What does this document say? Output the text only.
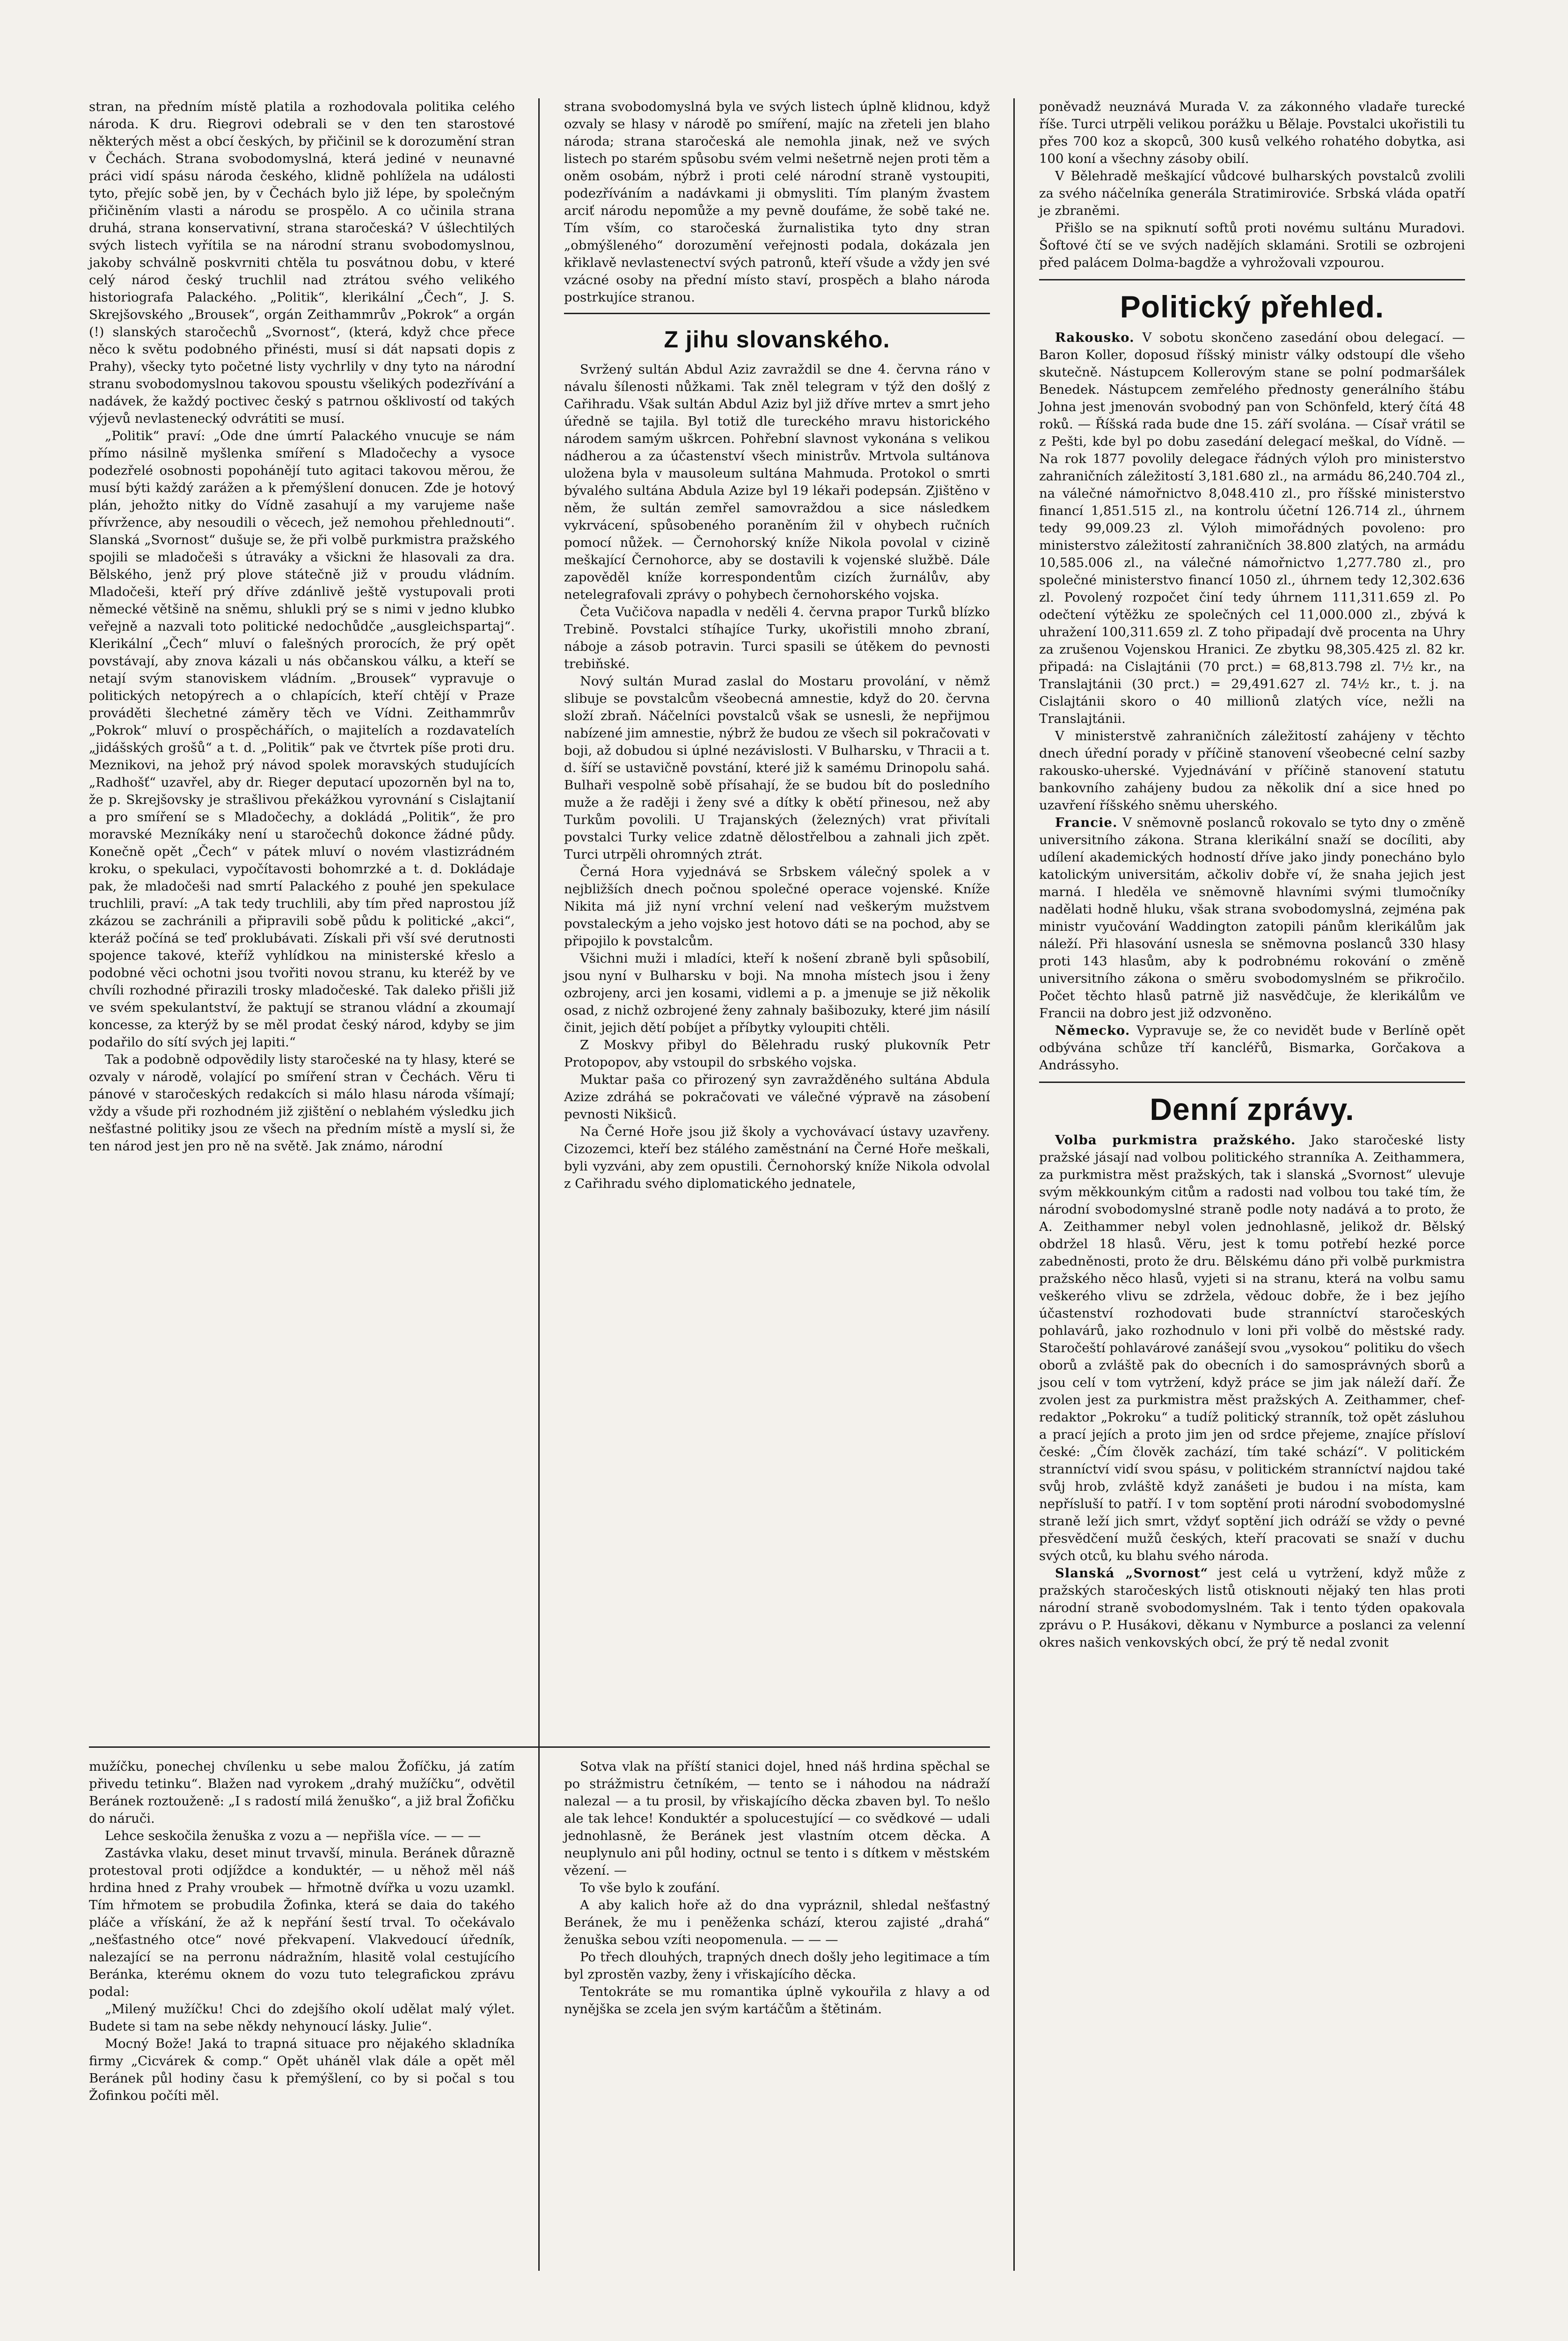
stran, na předním místě platila a rozhodovala politika celého národa. K dru. Riegrovi odebrali se v den ten starostové některých měst a obcí českých, by přičinil se k dorozumění stran v Čechách. Strana svobodomyslná, která jediné v neunavné práci vidí spásu národa českého, klidně pohlížela na události tyto, přejíc sobě jen, by v Čechách bylo již lépe, by společným přičiněním vlasti a národu se prospělo. A co učinila strana druhá, strana konservativní, strana staročeská? V úšlechtilých svých listech vyřítila se na národní stranu svobodomyslnou, jakoby schválně poskvrniti chtěla tu posvátnou dobu, v které celý národ český truchlil nad ztrátou svého velikého historiografa Palackého. „Politik“, klerikální „Čech“, J. S. Skrejšovského „Brousek“, orgán Zeithammrův „Pokrok“ a orgán (!) slanských staročechů „Svornost“, (která, když chce přece něco k světu podobného přinésti, musí si dát napsati dopis z Prahy), všecky tyto početné listy vychrlily v dny tyto na národní stranu svobodomyslnou takovou spoustu všelikých podezřívání a nadávek, že každý poctivec český s patrnou ošklivostí od takých výjevů nevlastenecký odvrátiti se musí.

„Politik“ praví: „Ode dne úmrtí Palackého vnucuje se nám přímo násilně myšlenka smíření s Mladočechy a vysoce podezřelé osobnosti popohánějí tuto agitaci takovou měrou, že musí býti každý zarážen a k přemýšlení donucen. Zde je hotový plán, jehožto nitky do Vídně zasahují a my varujeme naše přívržence, aby nesoudili o věcech, jež nemohou přehlednouti“. Slanská „Svornost“ dušuje se, že při volbě purkmistra pražského spojili se mladočeši s útraváky a všickni že hlasovali za dra. Bělského, jenž prý plove státečně již v proudu vládním. Mladočeši, kteří prý dříve zdánlivě ještě vystupovali proti německé většině na sněmu, shlukli prý se s nimi v jedno klubko veřejně a nazvali toto politické nedochůdče „ausgleichspartaj“. Klerikální „Čech“ mluví o falešných prorocích, že prý opět povstávají, aby znova kázali u nás občanskou válku, a kteří se netají svým stanoviskem vládním. „Brousek“ vypravuje o politických netopýrech a o chlapících, kteří chtějí v Praze prováděti šlechetné záměry těch ve Vídni. Zeithammrův „Pokrok“ mluví o prospěchářích, o majitelích a rozdavatelích „jidášských grošů“ a t. d. „Politik“ pak ve čtvrtek píše proti dru. Meznikovi, na jehož prý návod spolek moravských studujících „Radhošť“ uzavřel, aby dr. Rieger deputací upozorněn byl na to, že p. Skrejšovsky je strašlivou překážkou vyrovnání s Cislajtanií a pro smíření se s Mladočechy, a dokládá „Politik“, že pro moravské Mezníkáky není u staročechů dokonce žádné půdy. Konečně opět „Čech“ v pátek mluví o novém vlastizrádném kroku, o spekulaci, vypočítavosti bohomrzké a t. d. Dokládaje pak, že mladočeši nad smrtí Palackého z pouhé jen spekulace truchlili, praví: „A tak tedy truchlili, aby tím před naprostou jíž zkázou se zachránili a připravili sobě půdu k politické „akci“, kteráž počíná se teď proklubávati. Získali při vší své derutnosti spojence takové, kteříž vyhlídkou na ministerské křeslo a podobné věci ochotni jsou tvořiti novou stranu, ku kteréž by ve chvíli rozhodné přirazili trosky mladočeské. Tak daleko přišli již ve svém spekulantství, že paktují se stranou vládní a zkoumají koncesse, za kterýž by se měl prodat český národ, kdyby se jim podařilo do sítí svých jej lapiti.“

Tak a podobně odpovědily listy staročeské na ty hlasy, které se ozvaly v národě, volající po smíření stran v Čechách. Věru ti pánové v staročeských redakcích si málo hlasu národa všímají; vždy a všude při rozhodném již zjištění o neblahém výsledku jich nešťastné politiky jsou ze všech na předním místě a myslí si, že ten národ jest jen pro ně na světě. Jak známo, národní

strana svobodomyslná byla ve svých listech úplně klidnou, když ozvaly se hlasy v národě po smíření, majíc na zřeteli jen blaho národa; strana staročeská ale nemohla jinak, než ve svých listech po starém spůsobu svém velmi nešetrně nejen proti těm a oněm osobám, nýbrž i proti celé národní straně vystoupiti, podezříváním a nadávkami ji obmysliti. Tím planým žvastem arciť národu nepomůže a my pevně doufáme, že sobě také ne. Tím vším, co staročeská žurnalistika tyto dny stran „obmýšleného“ dorozumění veřejnosti podala, dokázala jen křiklavě nevlastenectví svých patronů, kteří všude a vždy jen své vzácné osoby na přední místo staví, prospěch a blaho národa postrkujíce stranou.

Z jihu slovanského.

Svržený sultán Abdul Aziz zavraždil se dne 4. června ráno v návalu šílenosti nůžkami. Tak zněl telegram v týž den došlý z Cařihradu. Však sultán Abdul Aziz byl již dříve mrtev a smrt jeho úředně se tajila. Byl totiž dle tureckého mravu historického národem samým uškrcen. Pohřební slavnost vykonána s velikou nádherou a za účastenství všech ministrův. Mrtvola sultánova uložena byla v mausoleum sultána Mahmuda. Protokol o smrti bývalého sultána Abdula Azize byl 19 lékaři podepsán. Zjištěno v něm, že sultán zemřel samovraždou a sice následkem vykrvácení, spůsobeného poraněním žil v ohybech ručních pomocí nůžek. — Černohorský kníže Nikola povolal v cizině meškající Černohorce, aby se dostavili k vojenské službě. Dále zapověděl kníže korrespondentům cizích žurnálův, aby netelegrafovali zprávy o pohybech černohorského vojska.

Četa Vučičova napadla v neděli 4. června prapor Turků blízko Trebině. Povstalci stíhajíce Turky, ukořistili mnoho zbraní, náboje a zásob potravin. Turci spasili se útěkem do pevnosti trebiňské.

Nový sultán Murad zaslal do Mostaru provolání, v němž slibuje se povstalcům všeobecná amnestie, když do 20. června složí zbraň. Náčelníci povstalců však se usnesli, že nepřijmou nabízené jim amnestie, nýbrž že budou ze všech sil pokračovati v boji, až dobudou si úplné nezávislosti. V Bulharsku, v Thracii a t. d. šíří se ustavičně povstání, které již k samému Drinopolu sahá. Bulhaři vespolně sobě přísahají, že se budou bít do posledního muže a že raději i ženy své a dítky k obětí přinesou, než aby Turkům povolili. U Trajanských (železných) vrat přivítali povstalci Turky velice zdatně dělostřelbou a zahnali jich zpět. Turci utrpěli ohromných ztrát.

Černá Hora vyjednává se Srbskem válečný spolek a v nejbližších dnech počnou společné operace vojenské. Kníže Nikita má již nyní vrchní velení nad veškerým mužstvem povstaleckým a jeho vojsko jest hotovo dáti se na pochod, aby se připojilo k povstalcům.

Všichni muži i mladíci, kteří k nošení zbraně byli spůsobilí, jsou nyní v Bulharsku v boji. Na mnoha místech jsou i ženy ozbrojeny, arci jen kosami, vidlemi a p. a jmenuje se již několik osad, z nichž ozbrojené ženy zahnaly bašibozuky, které jim násilí činit, jejich dětí pobíjet a příbytky vyloupiti chtěli.

Z Moskvy přibyl do Bělehradu ruský plukovník Petr Protopopov, aby vstoupil do srbského vojska.

Muktar paša co přirozený syn zavražděného sultána Abdula Azize zdráhá se pokračovati ve válečné výpravě na zásobení pevnosti Nikšiců.

Na Černé Hoře jsou již školy a vychovávací ústavy uzavřeny. Cizozemci, kteří bez stálého zaměstnání na Černé Hoře meškali, byli vyzváni, aby zem opustili. Černohorský kníže Nikola odvolal z Cařihradu svého diplomatického jednatele,

poněvadž neuznává Murada V. za zákonného vladaře turecké říše. Turci utrpěli velikou porážku u Bělaje. Povstalci ukořistili tu přes 700 koz a skopců, 300 kusů velkého rohatého dobytka, asi 100 koní a všechny zásoby obilí.

V Bělehradě meškající vůdcové bulharských povstalců zvolili za svého náčelníka generála Stratimiroviće. Srbská vláda opatří je zbraněmi.

Přišlo se na spiknutí softů proti novému sultánu Muradovi. Šoftové čtí se ve svých nadějích sklamáni. Srotili se ozbrojeni před palácem Dolma-bagdže a vyhrožovali vzpourou.

Politický přehled.

Rakousko. V sobotu skončeno zasedání obou delegací. — Baron Koller, doposud říšský ministr války odstoupí dle všeho skutečně. Nástupcem Kollerovým stane se polní podmaršálek Benedek. Nástupcem zemřelého přednosty generálního štábu Johna jest jmenován svobodný pan von Schönfeld, který čítá 48 roků. — Říšská rada bude dne 15. září svolána. — Císař vrátil se z Pešti, kde byl po dobu zasedání delegací meškal, do Vídně. — Na rok 1877 povolily delegace řádných výloh pro ministerstvo zahraničních záležitostí 3,181.680 zl., na armádu 86,240.704 zl., na válečné námořnictvo 8,048.410 zl., pro říšské ministerstvo financí 1,851.515 zl., na kontrolu účetní 126.714 zl., úhrnem tedy 99,009.23 zl. Výloh mimořádných povoleno: pro ministerstvo záležitostí zahraničních 38.800 zlatých, na armádu 10,585.006 zl., na válečné námořnictvo 1,277.780 zl., pro společné ministerstvo financí 1050 zl., úhrnem tedy 12,302.636 zl. Povolený rozpočet činí tedy úhrnem 111,311.659 zl. Po odečtení výtěžku ze společných cel 11,000.000 zl., zbývá k uhražení 100,311.659 zl. Z toho připadají dvě procenta na Uhry za zrušenou Vojenskou Hranici. Ze zbytku 98,305.425 zl. 82 kr. připadá: na Cislajtánii (70 prct.) = 68,813.798 zl. 7½ kr., na Translajtánii (30 prct.) = 29,491.627 zl. 74½ kr., t. j. na Cislajtánii skoro o 40 millionů zlatých více, nežli na Translajtánii.

V ministerstvě zahraničních záležitostí zahájeny v těchto dnech úřední porady v příčině stanovení všeobecné celní sazby rakousko-uherské. Vyjednávání v příčině stanovení statutu bankovního zahájeny budou za několik dní a sice hned po uzavření říšského sněmu uherského.

Francie. V sněmovně poslanců rokovalo se tyto dny o změně universitního zákona. Strana klerikální snaží se docíliti, aby udílení akademických hodností dříve jako jindy ponecháno bylo katolickým universitám, ačkoliv dobře ví, že snaha jejich jest marná. I hleděla ve sněmovně hlavními svými tlumočníky nadělati hodně hluku, však strana svobodomyslná, zejména pak ministr vyučování Waddington zatopili pánům klerikálům jak náleží. Při hlasování usnesla se sněmovna poslanců 330 hlasy proti 143 hlasům, aby k podrobnému rokování o změně universitního zákona o směru svobodomyslném se přikročilo. Počet těchto hlasů patrně již nasvědčuje, že klerikálům ve Francii na dobro jest již odzvoněno.

Německo. Vypravuje se, že co nevidět bude v Berlíně opět odbývána schůze tří kancléřů, Bismarka, Gorčakova a Andrássyho.

Denní zprávy.

Volba purkmistra pražského. Jako staročeské listy pražské jásají nad volbou politického stranníka A. Zeithammera, za purkmistra měst pražských, tak i slanská „Svornost“ ulevuje svým měkkounkým citům a radosti nad volbou tou také tím, že národní svobodomyslné straně podle noty nadává a to proto, že A. Zeithammer nebyl volen jednohlasně, jelikož dr. Bělský obdržel 18 hlasů. Věru, jest k tomu potřebí hezké porce zabedněnosti, proto že dru. Bělskému dáno při volbě purkmistra pražského něco hlasů, vyjeti si na stranu, která na volbu samu veškerého vlivu se zdržela, vědouc dobře, že i bez jejího účastenství rozhodovati bude stranníctví staročeských pohlavárů, jako rozhodnulo v loni při volbě do městské rady. Staročeští pohlavárové zanášejí svou „vysokou“ politiku do všech oborů a zvláště pak do obecních i do samosprávných sborů a jsou celí v tom vytržení, když práce se jim jak náleží daří. Že zvolen jest za purkmistra měst pražských A. Zeithammer, chef-redaktor „Pokroku“ a tudíž politický stranník, tož opět zásluhou a prací jejích a proto jim jen od srdce přejeme, znajíce přísloví české: „Čím člověk zachází, tím také schází“. V politickém stranníctví vidí svou spásu, v politickém stranníctví najdou také svůj hrob, zvláště když zanášeti je budou i na místa, kam nepřísluší to patří. I v tom soptění proti národní svobodomyslné straně leží jich smrt, vždyť soptění jich odráží se vždy o pevné přesvědčení mužů českých, kteří pracovati se snaží v duchu svých otců, ku blahu svého národa.

Slanská „Svornost“ jest celá u vytržení, když může z pražských staročeských listů otisknouti nějaký ten hlas proti národní straně svobodomyslném. Tak i tento týden opakovala zprávu o P. Husákovi, děkanu v Nymburce a poslanci za velenní okres našich venkovských obcí, že prý tě nedal zvonit

mužíčku, ponechej chvílenku u sebe malou Žofíčku, já zatím přivedu tetinku“. Blažen nad vyrokem „drahý mužíčku“, odvětil Beránek roztouženě: „I s radostí milá ženuško“, a již bral Žofičku do náruči.

Lehce seskočila ženuška z vozu a — nepřišla více. — — —

Zastávka vlaku, deset minut trvavší, minula. Beránek důrazně protestoval proti odjíždce a konduktér, — u něhož měl náš hrdina hned z Prahy vroubek — hřmotně dvířka u vozu uzamkl. Tím hřmotem se probudila Žofinka, která se daia do takého pláče a vřískání, že až k nepřání šestí trval. To očekávalo „nešťastného otce“ nové překvapení. Vlakvedoucí úředník, nalezající se na perronu nádražním, hlasitě volal cestujícího Beránka, kterému oknem do vozu tuto telegrafickou zprávu podal:

„Milený mužíčku! Chci do zdejšího okolí udělat malý výlet. Budete si tam na sebe někdy nehynoucí lásky. Julie“.

Mocný Bože! Jaká to trapná situace pro nějakého skladníka firmy „Cicvárek & comp.“ Opět uháněl vlak dále a opět měl Beránek půl hodiny času k přemýšlení, co by si počal s tou Žofinkou počíti měl.

Sotva vlak na příští stanici dojel, hned náš hrdina spěchal se po strážmistru četníkém, — tento se i náhodou na nádraží nalezal — a tu prosil, by vřiskajícího děcka zbaven byl. To nešlo ale tak lehce! Konduktér a spolucestující — co svědkové — udali jednohlasně, že Beránek jest vlastním otcem děcka. A neuplynulo ani půl hodiny, octnul se tento i s dítkem v městském vězení. —

To vše bylo k zoufání.

A aby kalich hoře až do dna vypráznil, shledal nešťastný Beránek, že mu i peněženka schází, kterou zajisté „drahá“ ženuška sebou vzíti neopomenula. — — —

Po třech dlouhých, trapných dnech došly jeho legitimace a tím byl zprostěn vazby, ženy i vřiskajícího děcka.

Tentokráte se mu romantika úplně vykouřila z hlavy a od nynějška se zcela jen svým kartáčům a štětinám.
